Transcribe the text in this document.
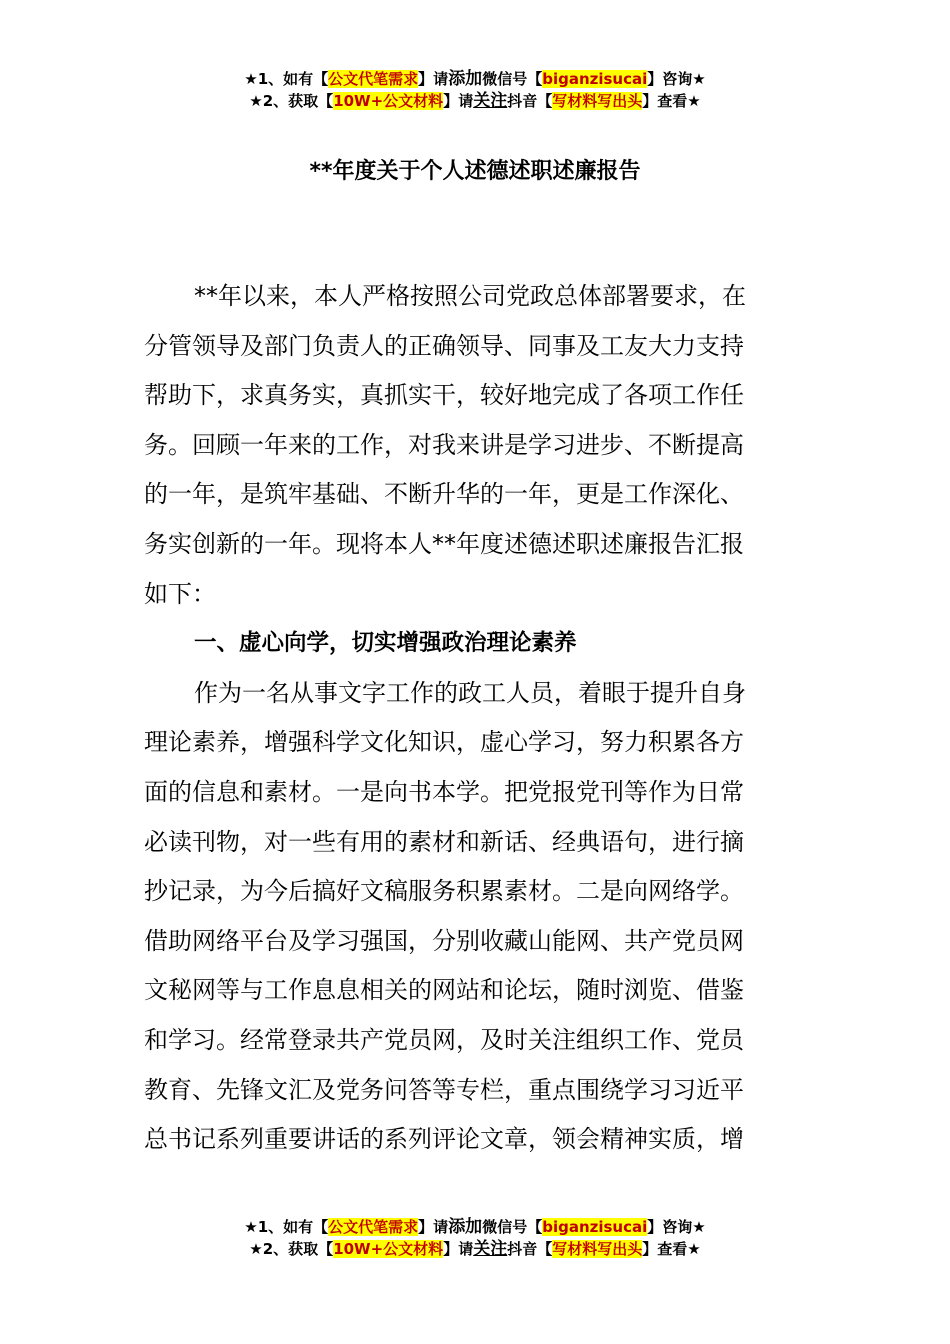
★1、如有【公文代笔需求】请添加微信号【biganzisucai】咨询★
★2、获取【10W+公文材料】请关注抖音【写材料写出头】查看★
**年度关于个人述德述职述廉报告
**年以来，本人严格按照公司党政总体部署要求，在
分管领导及部门负责人的正确领导、同事及工友大力支持
帮助下，求真务实，真抓实干，较好地完成了各项工作任
务。回顾一年来的工作，对我来讲是学习进步、不断提高
的一年，是筑牢基础、不断升华的一年，更是工作深化、
务实创新的一年。现将本人**年度述德述职述廉报告汇报
如下：
一、虚心向学，切实增强政治理论素养
作为一名从事文字工作的政工人员，着眼于提升自身
理论素养，增强科学文化知识，虚心学习，努力积累各方
面的信息和素材。一是向书本学。把党报党刊等作为日常
必读刊物，对一些有用的素材和新话、经典语句，进行摘
抄记录，为今后搞好文稿服务积累素材。二是向网络学。
借助网络平台及学习强国，分别收藏山能网、共产党员网
文秘网等与工作息息相关的网站和论坛，随时浏览、借鉴
和学习。经常登录共产党员网，及时关注组织工作、党员
教育、先锋文汇及党务问答等专栏，重点围绕学习习近平
总书记系列重要讲话的系列评论文章，领会精神实质，增
★1、如有【公文代笔需求】请添加微信号【biganzisucai】咨询★
★2、获取【10W+公文材料】请关注抖音【写材料写出头】查看★
